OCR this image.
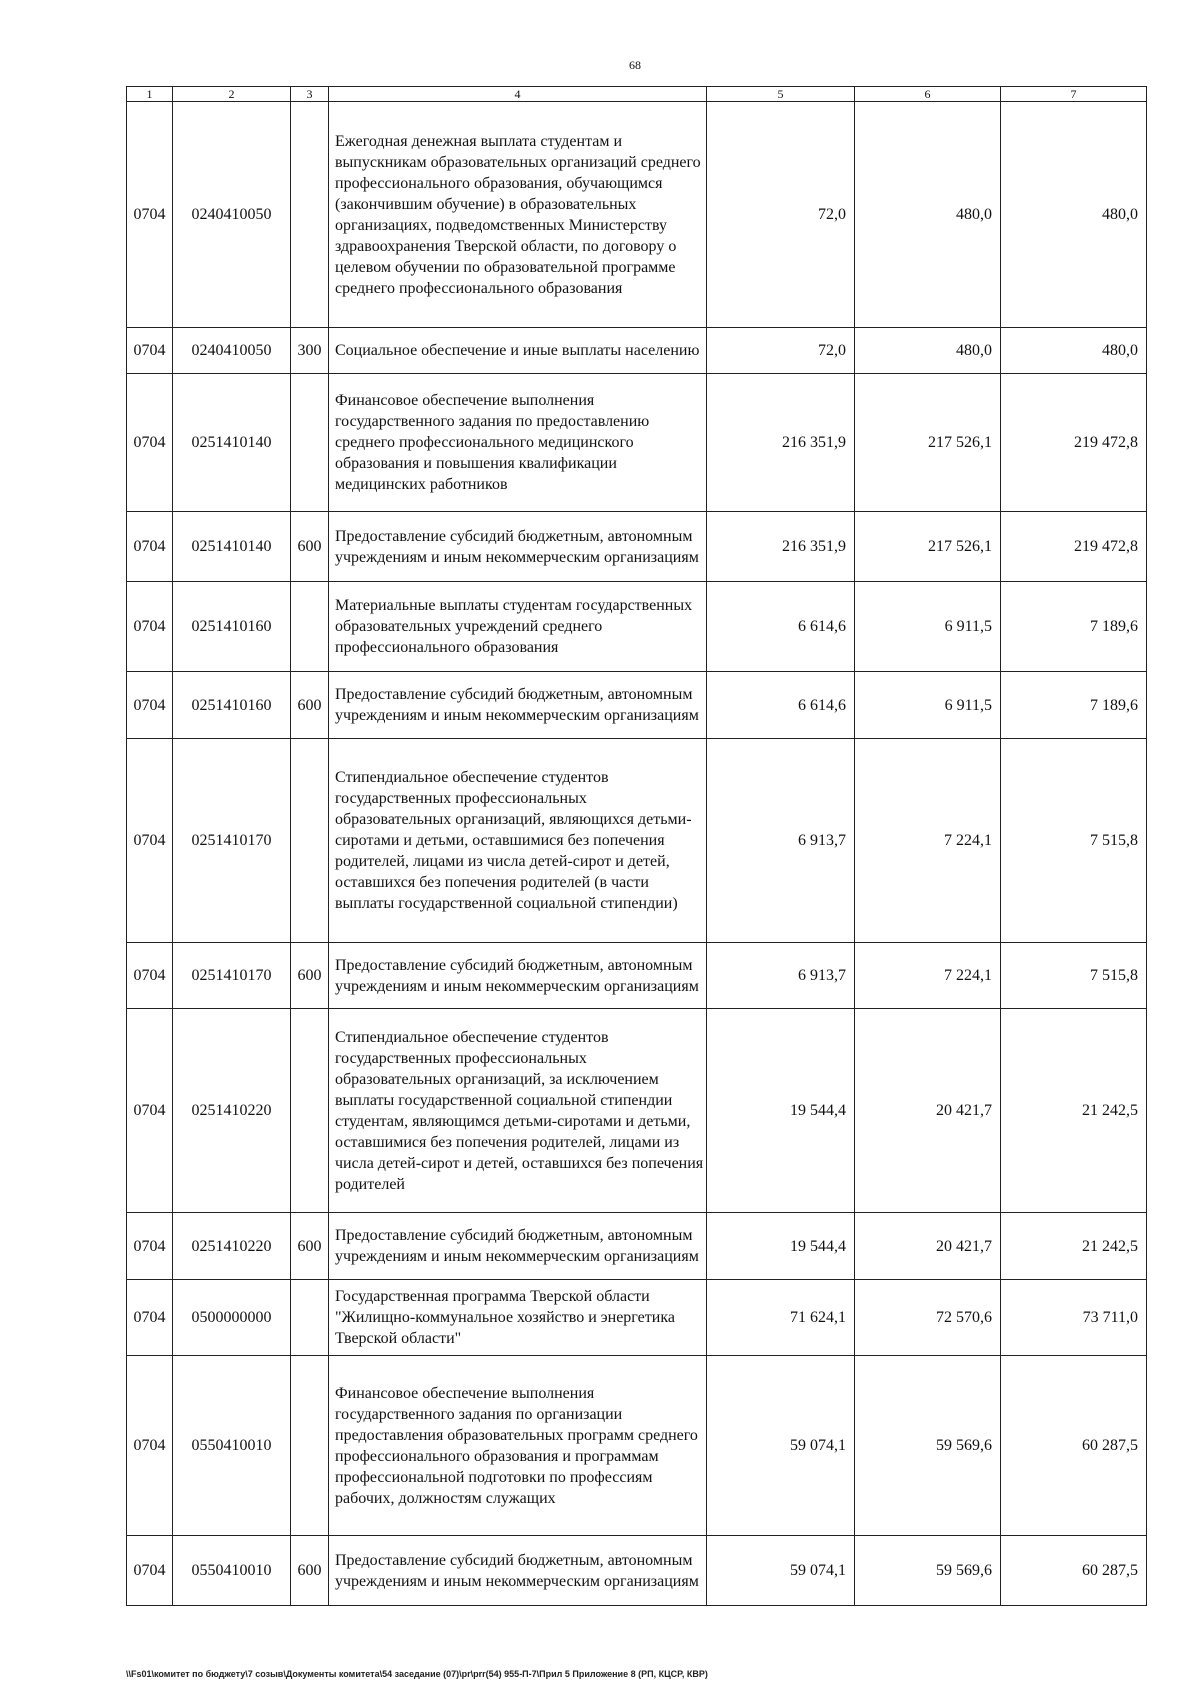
68
1	2	3	4	5	6	7
0704	0240410050		Ежегодная денежная выплата студентам и выпускникам образовательных организаций среднего профессионального образования, обучающимся (закончившим обучение) в образовательных организациях, подведомственных Министерству здравоохранения Тверской области, по договору о целевом обучении по образовательной программе среднего профессионального образования	72,0	480,0	480,0
0704	0240410050	300	Социальное обеспечение и иные выплаты населению	72,0	480,0	480,0
0704	0251410140		Финансовое обеспечение выполнения государственного задания по предоставлению среднего профессионального медицинского образования и повышения квалификации медицинских работников	216 351,9	217 526,1	219 472,8
0704	0251410140	600	Предоставление субсидий бюджетным, автономным учреждениям и иным некоммерческим организациям	216 351,9	217 526,1	219 472,8
0704	0251410160		Материальные выплаты студентам государственных образовательных учреждений среднего профессионального образования	6 614,6	6 911,5	7 189,6
0704	0251410160	600	Предоставление субсидий бюджетным, автономным учреждениям и иным некоммерческим организациям	6 614,6	6 911,5	7 189,6
0704	0251410170		Стипендиальное обеспечение студентов государственных профессиональных образовательных организаций, являющихся детьми-сиротами и детьми, оставшимися без попечения родителей, лицами из числа детей-сирот и детей, оставшихся без попечения родителей (в части выплаты государственной социальной стипендии)	6 913,7	7 224,1	7 515,8
0704	0251410170	600	Предоставление субсидий бюджетным, автономным учреждениям и иным некоммерческим организациям	6 913,7	7 224,1	7 515,8
0704	0251410220		Стипендиальное обеспечение студентов государственных профессиональных образовательных организаций, за исключением выплаты государственной социальной стипендии студентам, являющимся детьми-сиротами и детьми, оставшимися без попечения родителей, лицами из числа детей-сирот и детей, оставшихся без попечения родителей	19 544,4	20 421,7	21 242,5
0704	0251410220	600	Предоставление субсидий бюджетным, автономным учреждениям и иным некоммерческим организациям	19 544,4	20 421,7	21 242,5
0704	0500000000		Государственная программа Тверской области "Жилищно-коммунальное хозяйство и энергетика Тверской области"	71 624,1	72 570,6	73 711,0
0704	0550410010		Финансовое обеспечение выполнения государственного задания по организации предоставления образовательных программ среднего профессионального образования и программам профессиональной подготовки по профессиям рабочих, должностям служащих	59 074,1	59 569,6	60 287,5
0704	0550410010	600	Предоставление субсидий бюджетным, автономным учреждениям и иным некоммерческим организациям	59 074,1	59 569,6	60 287,5
\\Fs01\комитет по бюджету\7 созыв\Документы комитета\54 заседание (07)\pr\prr(54) 955-П-7\Прил 5 Приложение 8 (РП, КЦСР, КВР)
